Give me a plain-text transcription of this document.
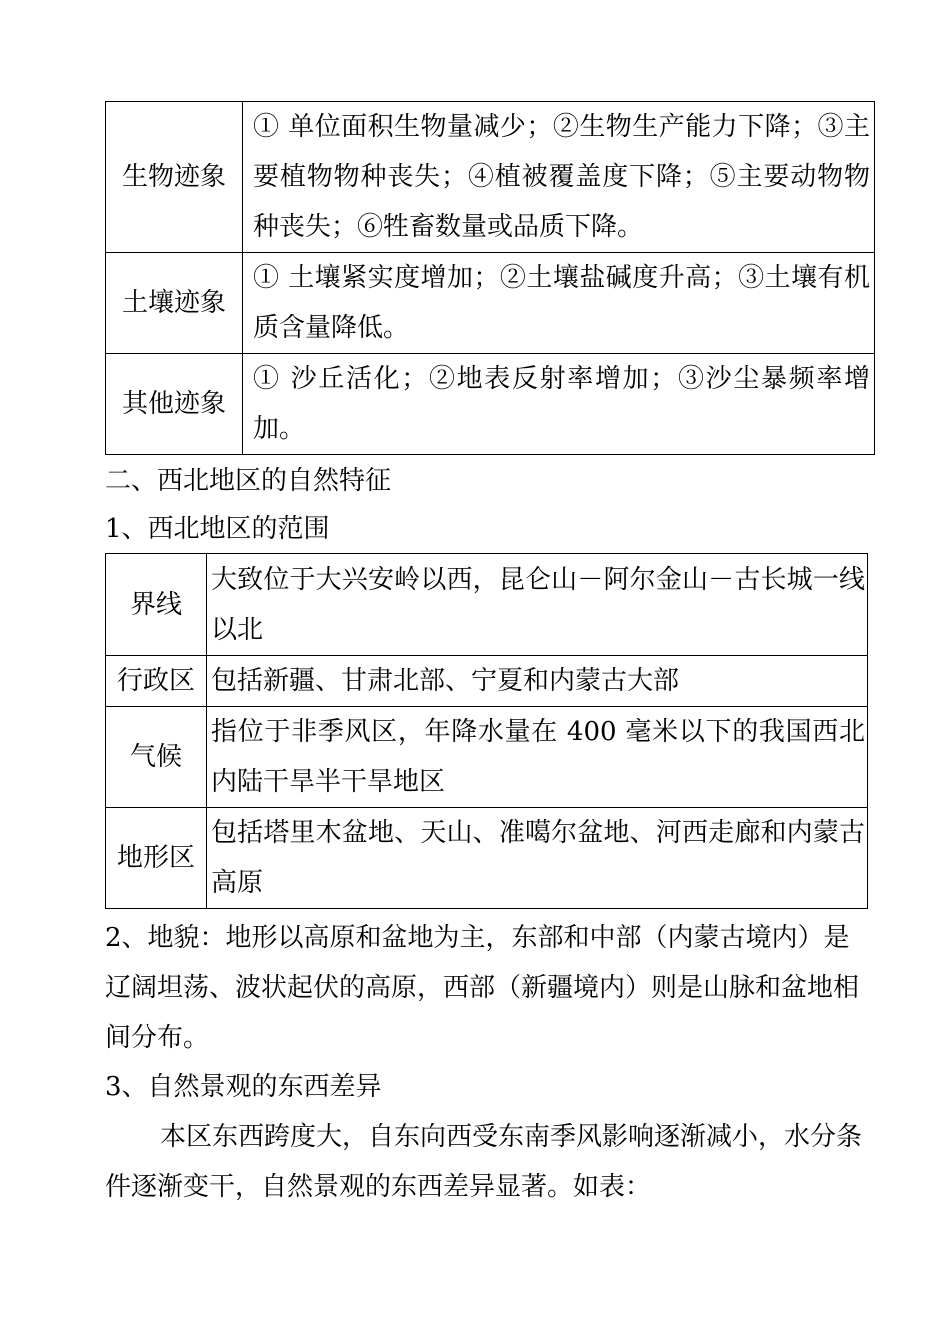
生物迹象	① 单位面积生物量减少；②生物生产能力下降；③主要植物物种丧失；④植被覆盖度下降；⑤主要动物物种丧失；⑥牲畜数量或品质下降。
土壤迹象	① 土壤紧实度增加；②土壤盐碱度升高；③土壤有机质含量降低。
其他迹象	① 沙丘活化；②地表反射率增加；③沙尘暴频率增加。

二、西北地区的自然特征

1、西北地区的范围

界线	大致位于大兴安岭以西，昆仑山－阿尔金山－古长城一线以北
行政区	包括新疆、甘肃北部、宁夏和内蒙古大部
气候	指位于非季风区，年降水量在 400 毫米以下的我国西北内陆干旱半干旱地区
地形区	包括塔里木盆地、天山、准噶尔盆地、河西走廊和内蒙古高原

2、地貌：地形以高原和盆地为主，东部和中部（内蒙古境内）是辽阔坦荡、波状起伏的高原，西部（新疆境内）则是山脉和盆地相间分布。

3、自然景观的东西差异

本区东西跨度大，自东向西受东南季风影响逐渐减小，水分条件逐渐变干，自然景观的东西差异显著。如表：
